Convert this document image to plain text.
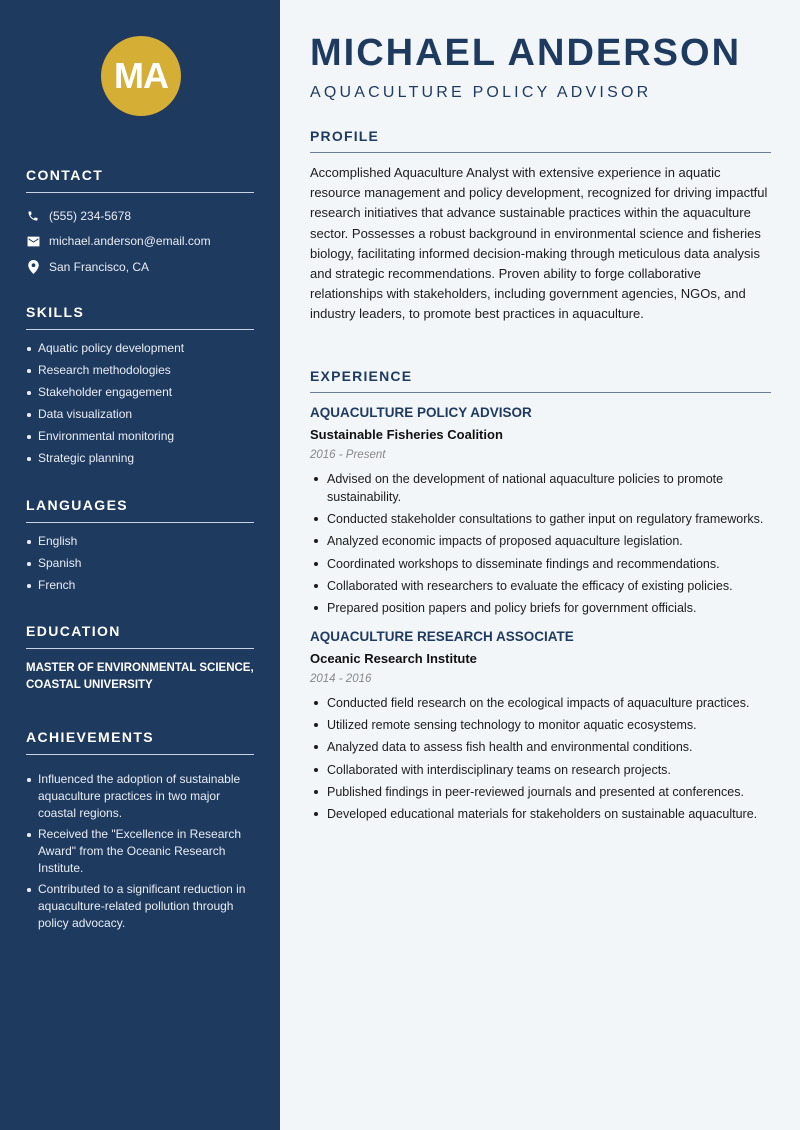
MA
CONTACT
(555) 234-5678
michael.anderson@email.com
San Francisco, CA
SKILLS
Aquatic policy development
Research methodologies
Stakeholder engagement
Data visualization
Environmental monitoring
Strategic planning
LANGUAGES
English
Spanish
French
EDUCATION

MASTER OF ENVIRONMENTAL SCIENCE, COASTAL UNIVERSITY

ACHIEVEMENTS
Influenced the adoption of sustainable aquaculture practices in two major coastal regions.
Received the "Excellence in Research Award" from the Oceanic Research Institute.
Contributed to a significant reduction in aquaculture-related pollution through policy advocacy.
MICHAEL ANDERSON
AQUACULTURE POLICY ADVISOR
PROFILE

Accomplished Aquaculture Analyst with extensive experience in aquatic resource management and policy development, recognized for driving impactful research initiatives that advance sustainable practices within the aquaculture sector. Possesses a robust background in environmental science and fisheries biology, facilitating informed decision-making through meticulous data analysis and strategic recommendations. Proven ability to forge collaborative relationships with stakeholders, including government agencies, NGOs, and industry leaders, to promote best practices in aquaculture.

EXPERIENCE
AQUACULTURE POLICY ADVISOR
Sustainable Fisheries Coalition
2016 - Present
Advised on the development of national aquaculture policies to promote sustainability.
Conducted stakeholder consultations to gather input on regulatory frameworks.
Analyzed economic impacts of proposed aquaculture legislation.
Coordinated workshops to disseminate findings and recommendations.
Collaborated with researchers to evaluate the efficacy of existing policies.
Prepared position papers and policy briefs for government officials.
AQUACULTURE RESEARCH ASSOCIATE
Oceanic Research Institute
2014 - 2016
Conducted field research on the ecological impacts of aquaculture practices.
Utilized remote sensing technology to monitor aquatic ecosystems.
Analyzed data to assess fish health and environmental conditions.
Collaborated with interdisciplinary teams on research projects.
Published findings in peer-reviewed journals and presented at conferences.
Developed educational materials for stakeholders on sustainable aquaculture.
